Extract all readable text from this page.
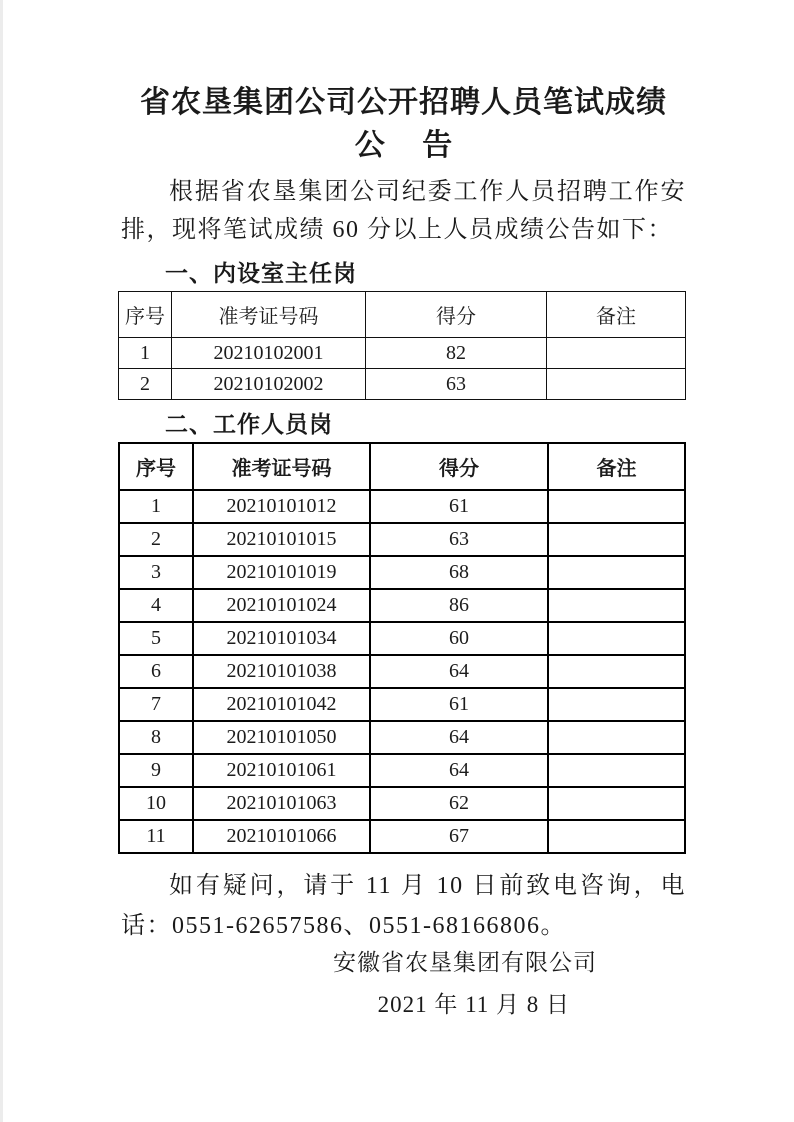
省农垦集团公司公开招聘人员笔试成绩
公　 告

根据省农垦集团公司纪委工作人员招聘工作安排，现将笔试成绩 60 分以上人员成绩公告如下：

一、内设室主任岗
序号	准考证号码	得分	备注
1	20210102001	82	
2	20210102002	63	
二、工作人员岗
序号	准考证号码	得分	备注
1	20210101012	61	
2	20210101015	63	
3	20210101019	68	
4	20210101024	86	
5	20210101034	60	
6	20210101038	64	
7	20210101042	61	
8	20210101050	64	
9	20210101061	64	
10	20210101063	62	
11	20210101066	67	

如有疑问，请于 11 月 10 日前致电咨询，电话：0551-62657586、0551-68166806。

安徽省农垦集团有限公司
2021 年 11 月 8 日
